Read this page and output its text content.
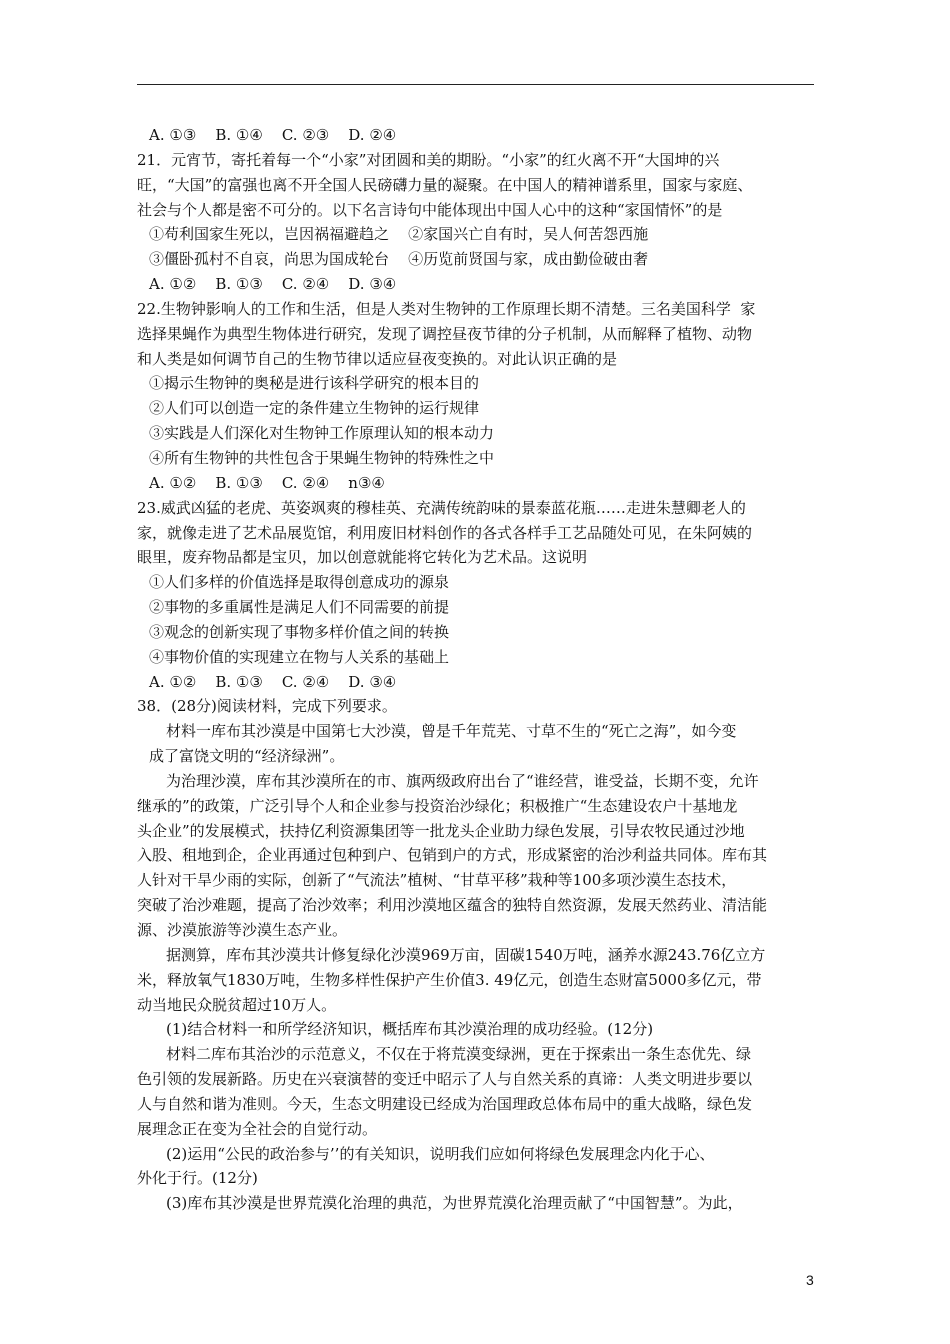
A. ①③    B. ①④    C. ②③    D. ②④
21．元宵节，寄托着每一个“小家”对团圆和美的期盼。“小家”的红火离不开“大国坤的兴
旺，“大国”的富强也离不开全国人民磅礴力量的凝聚。在中国人的精神谱系里，国家与家庭、
社会与个人都是密不可分的。以下名言诗句中能体现出中国人心中的这种“家国情怀”的是
①苟利国家生死以，岂因祸福避趋之    ②家国兴亡自有时，吴人何苦怨西施
③僵卧孤村不自哀，尚思为国成轮台    ④历览前贤国与家，成由勤俭破由奢
A. ①②    B. ①③    C. ②④    D. ③④
22.生物钟影响人的工作和生活，但是人类对生物钟的工作原理长期不清楚。三名美国科学  家
选择果蝇作为典型生物体进行研究，发现了调控昼夜节律的分子机制，从而解释了植物、动物
和人类是如何调节自己的生物节律以适应昼夜变换的。对此认识正确的是
①揭示生物钟的奥秘是进行该科学研究的根本目的
②人们可以创造一定的条件建立生物钟的运行规律
③实践是人们深化对生物钟工作原理认知的根本动力
④所有生物钟的共性包含于果蝇生物钟的特殊性之中
A. ①②    B. ①③    C. ②④    n③④
23.威武凶猛的老虎、英姿飒爽的穆桂英、充满传统韵味的景泰蓝花瓶……走进朱慧卿老人的
家，就像走进了艺术品展览馆，利用废旧材料创作的各式各样手工艺品随处可见，在朱阿姨的
眼里，废弃物品都是宝贝，加以创意就能将它转化为艺术品。这说明
①人们多样的价值选择是取得创意成功的源泉
②事物的多重属性是满足人们不同需要的前提
③观念的创新实现了事物多样价值之间的转换
④事物价值的实现建立在物与人关系的基础上
A. ①②    B. ①③    C. ②④    D. ③④
38．(28分)阅读材料，完成下列要求。
材料一库布其沙漠是中国第七大沙漠，曾是千年荒芜、寸草不生的“死亡之海”，如今变
成了富饶文明的“经济绿洲”。
为治理沙漠，库布其沙漠所在的市、旗两级政府出台了“谁经营，谁受益，长期不变，允许
继承的”的政策，广泛引导个人和企业参与投资治沙绿化；积极推广“生态建设农户十基地龙
头企业”的发展模式，扶持亿利资源集团等一批龙头企业助力绿色发展，引导农牧民通过沙地
入股、租地到企，企业再通过包种到户、包销到户的方式，形成紧密的治沙利益共同体。库布其
人针对干旱少雨的实际，创新了“气流法”植树、“甘草平移”栽种等100多项沙漠生态技术，
突破了治沙难题，提高了治沙效率；利用沙漠地区蕴含的独特自然资源，发展天然药业、清洁能
源、沙漠旅游等沙漠生态产业。
据测算，库布其沙漠共计修复绿化沙漠969万亩，固碳1540万吨，涵养水源243.76亿立方
米，释放氧气1830万吨，生物多样性保护产生价值3. 49亿元，创造生态财富5000多亿元，带
动当地民众脱贫超过10万人。
(1)结合材料一和所学经济知识，概括库布其沙漠治理的成功经验。(12分)
材料二库布其治沙的示范意义，不仅在于将荒漠变绿洲，更在于探索出一条生态优先、绿
色引领的发展新路。历史在兴衰演替的变迁中昭示了人与自然关系的真谛：人类文明进步要以
人与自然和谐为准则。今天，生态文明建设已经成为治国理政总体布局中的重大战略，绿色发
展理念正在变为全社会的自觉行动。
(2)运用“公民的政治参与’’的有关知识，说明我们应如何将绿色发展理念内化于心、
外化于行。(12分)
(3)库布其沙漠是世界荒漠化治理的典范，为世界荒漠化治理贡献了“中国智慧”。为此，
3
